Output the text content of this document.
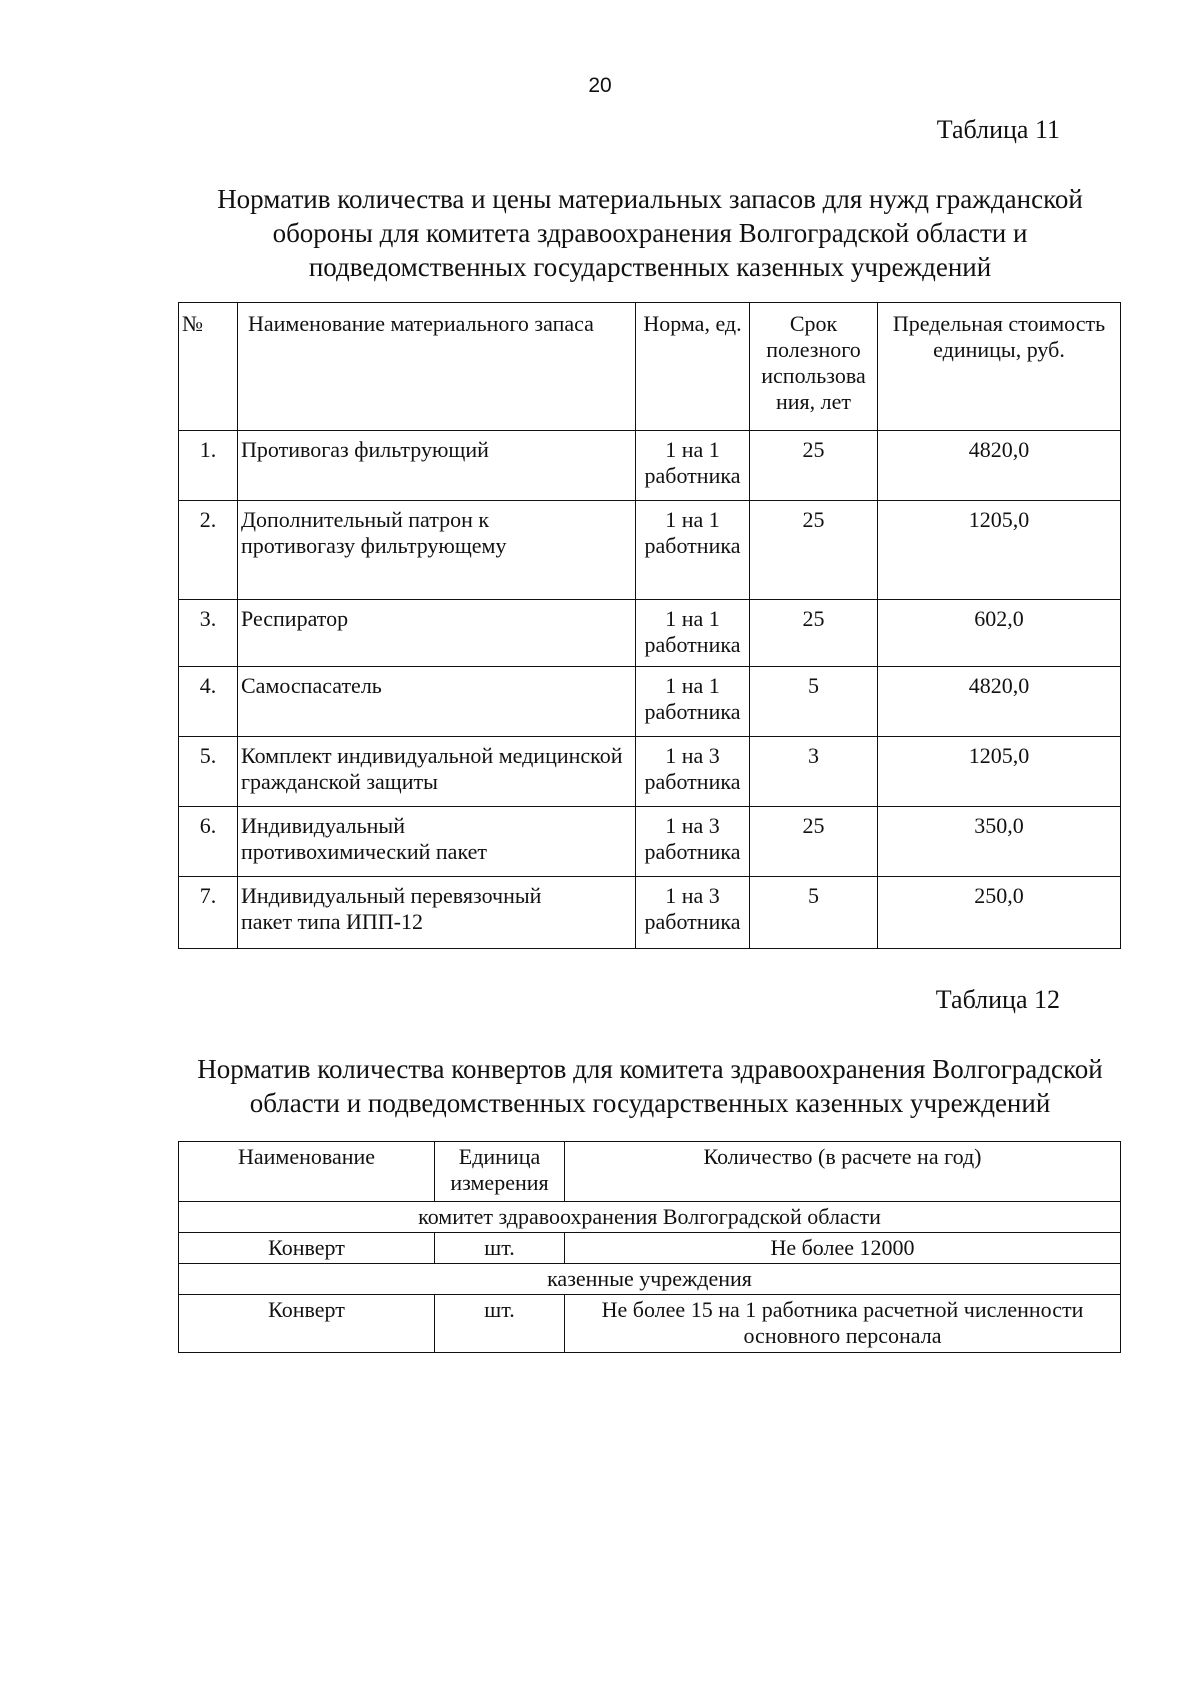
20
Таблица 11
Норматив количества и цены материальных запасов для нужд гражданской
обороны для комитета здравоохранения Волгоградской области и
подведомственных государственных казенных учреждений
№	Наименование материального запаса	Норма, ед.	Срок полезного использова ния, лет	Предельная стоимость единицы, руб.
1.	Противогаз фильтрующий	1 на 1 работника	25	4820,0
2.	Дополнительный патрон к противогазу фильтрующему	1 на 1 работника	25	1205,0
3.	Респиратор	1 на 1 работника	25	602,0
4.	Самоспасатель	1 на 1 работника	5	4820,0
5.	Комплект индивидуальной медицинской гражданской защиты	1 на 3 работника	3	1205,0
6.	Индивидуальный противохимический пакет	1 на 3 работника	25	350,0
7.	Индивидуальный перевязочный пакет типа ИПП-12	1 на 3 работника	5	250,0
Таблица 12
Норматив количества конвертов для комитета здравоохранения Волгоградской
области и подведомственных государственных казенных учреждений
Наименование	Единица измерения	Количество (в расчете на год)
комитет здравоохранения Волгоградской области		
Конверт	шт.	Не более 12000
казенные учреждения		
Конверт	шт.	Не более 15 на 1 работника расчетной численности основного персонала
